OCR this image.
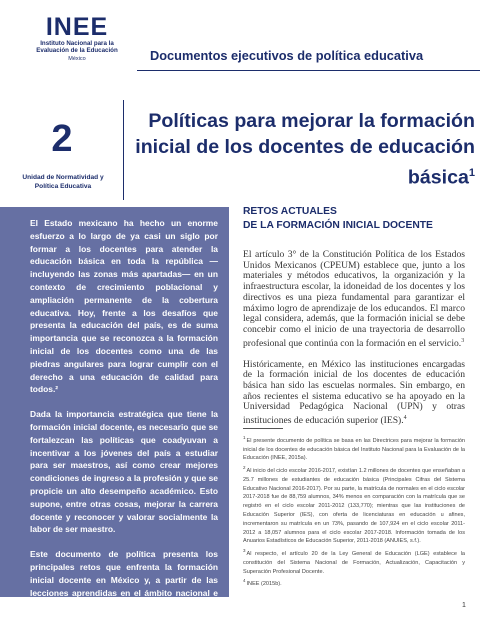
INEE
Instituto Nacional para la Evaluación de la Educación
México	Documentos ejecutivos de política educativa
2
Unidad de Normatividad y Política Educativa
Políticas para mejorar la formación inicial de los docentes de educación básica$^1$

El Estado mexicano ha hecho un enorme esfuerzo a lo largo de ya casi un siglo por formar a los docentes para atender la educación básica en toda la república —incluyendo las zonas más apartadas— en un contexto de crecimiento poblacional y ampliación permanente de la cobertura educativa. Hoy, frente a los desafíos que presenta la educación del país, es de suma importancia que se reconozca a la formación inicial de los docentes como una de las piedras angulares para lograr cumplir con el derecho a una educación de calidad para todos.²

Dada la importancia estratégica que tiene la formación inicial docente, es necesario que se fortalezcan las políticas que coadyuvan a incentivar a los jóvenes del país a estudiar para ser maestros, así como crear mejores condiciones de ingreso a la profesión y que se propicie un alto desempeño académico. Esto supone, entre otras cosas, mejorar la carrera docente y reconocer y valorar socialmente la labor de ser maestro.

Este documento de política presenta los principales retos que enfrenta la formación inicial docente en México y, a partir de las lecciones aprendidas en el ámbito nacional e internacional, se plantean recomendaciones para trazar rutas de mejora continua.

RETOS ACTUALES
DE LA FORMACIÓN INICIAL DOCENTE

El artículo 3° de la Constitución Política de los Estados Unidos Mexicanos (CPEUM) establece que, junto a los materiales y métodos educativos, la organización y la infraestructura escolar, la idoneidad de los docentes y los directivos es una pieza fundamental para garantizar el máximo logro de aprendizaje de los educandos. El marco legal considera, además, que la formación inicial se debe concebir como el inicio de una trayectoria de desarrollo profesional que continúa con la formación en el servicio.$^3$

Históricamente, en México las instituciones encargadas de la formación inicial de los docentes de educación básica han sido las escuelas normales. Sin embargo, en años recientes el sistema educativo se ha apoyado en la Universidad Pedagógica Nacional (UPN) y otras instituciones de educación superior (IES).$^4$

$^1$El presente documento de política se basa en las Directrices para mejorar la formación inicial de los docentes de educación básica del Instituto Nacional para la Evaluación de la Educación (INEE, 2015a).

$^2$Al inicio del ciclo escolar 2016-2017, existían 1.2 millones de docentes que enseñaban a 25.7 millones de estudiantes de educación básica (Principales Cifras del Sistema Educativo Nacional 2016-2017). Por su parte, la matrícula de normales en el ciclo escolar 2017-2018 fue de 88,759 alumnos, 34% menos en comparación con la matrícula que se registró en el ciclo escolar 2011-2012 (133,770); mientras que las instituciones de Educación Superior (IES), con oferta de licenciaturas en educación u afines, incrementaron su matrícula en un 73%, pasando de 107,924 en el ciclo escolar 2011-2012 a 18,057 alumnos para el ciclo escolar 2017-2018. Información tomada de los Anuarios Estadísticos de Educación Superior, 2011-2018 (ANUIES, s.f.).

$^3$Al respecto, el artículo 20 de la Ley General de Educación (LGE) establece la constitución del Sistema Nacional de Formación, Actualización, Capacitación y Superación Profesional Docente.

$^4$INEE (2015b).

1
